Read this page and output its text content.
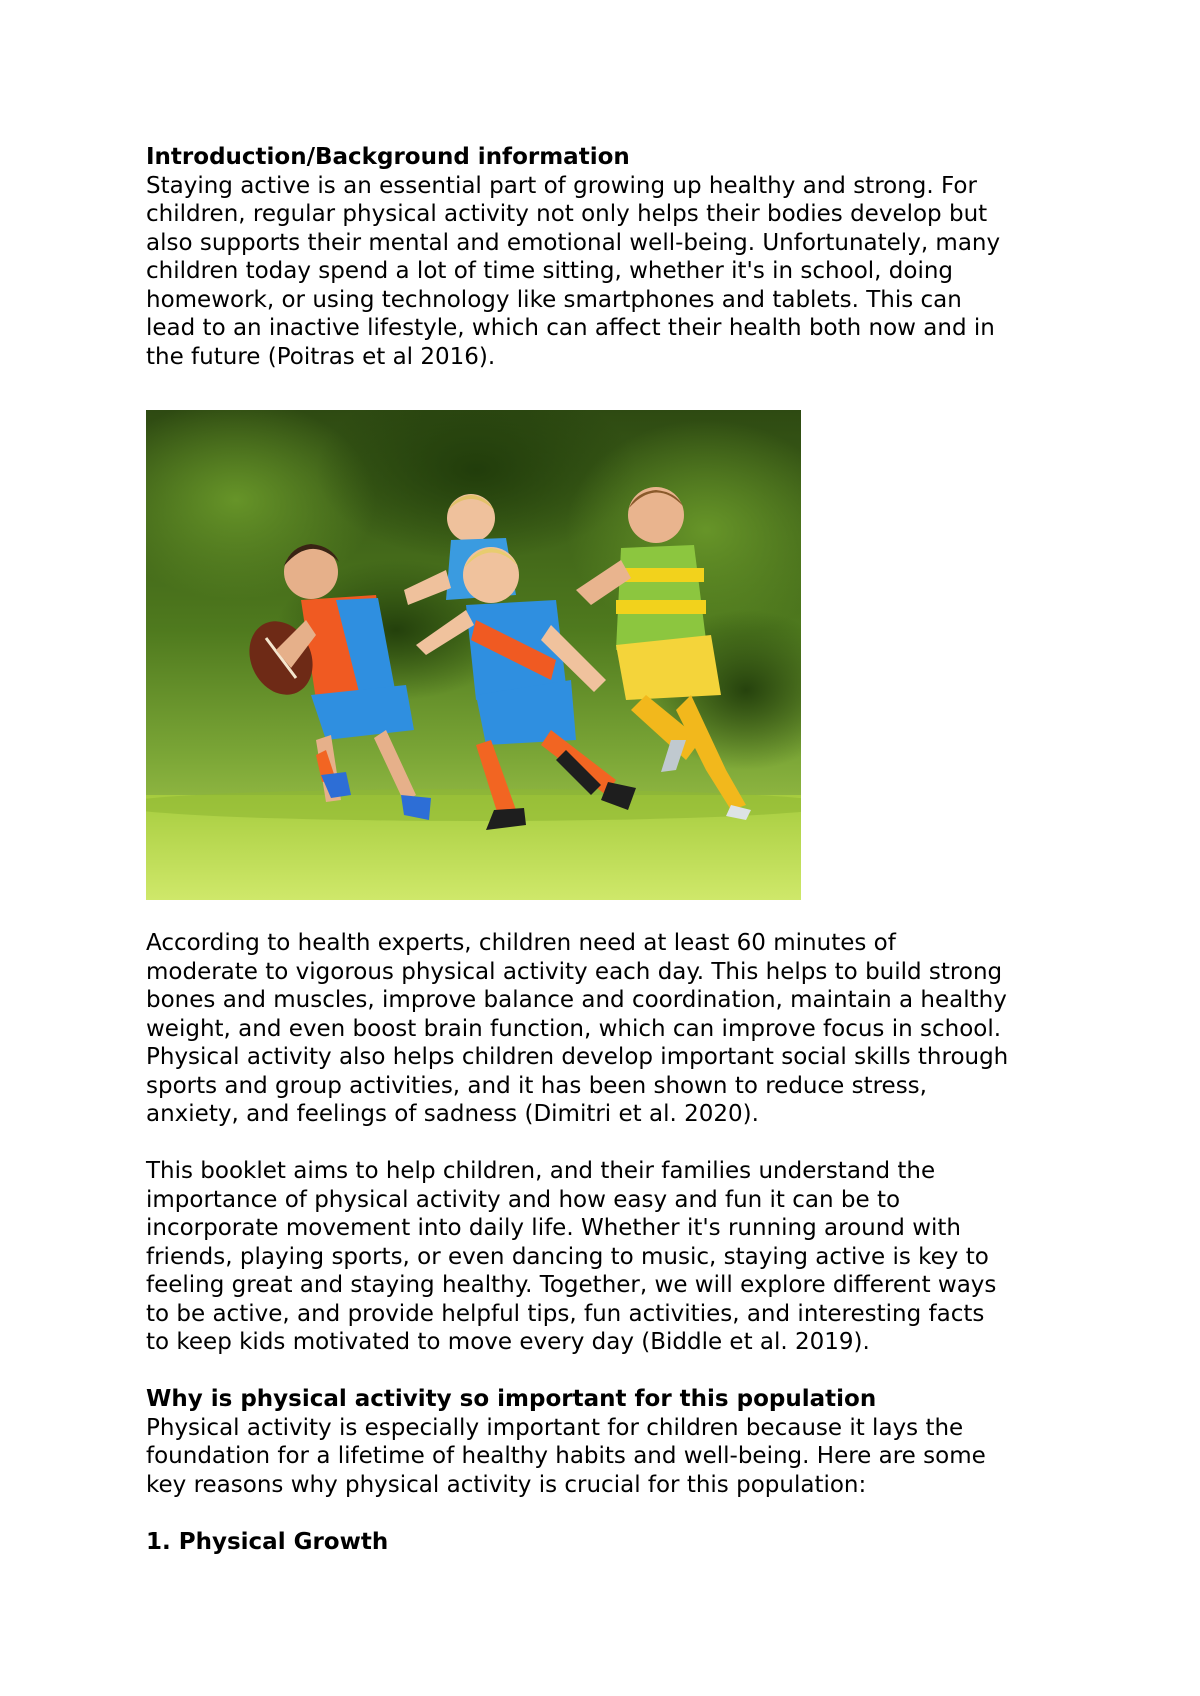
Introduction/Background information
Staying active is an essential part of growing up healthy and strong. For
children, regular physical activity not only helps their bodies develop but
also supports their mental and emotional well-being. Unfortunately, many
children today spend a lot of time sitting, whether it's in school, doing
homework, or using technology like smartphones and tablets. This can
lead to an inactive lifestyle, which can affect their health both now and in
the future (Poitras et al 2016).
According to health experts, children need at least 60 minutes of
moderate to vigorous physical activity each day. This helps to build strong
bones and muscles, improve balance and coordination, maintain a healthy
weight, and even boost brain function, which can improve focus in school.
Physical activity also helps children develop important social skills through
sports and group activities, and it has been shown to reduce stress,
anxiety, and feelings of sadness (Dimitri et al. 2020).
This booklet aims to help children, and their families understand the
importance of physical activity and how easy and fun it can be to
incorporate movement into daily life. Whether it's running around with
friends, playing sports, or even dancing to music, staying active is key to
feeling great and staying healthy. Together, we will explore different ways
to be active, and provide helpful tips, fun activities, and interesting facts
to keep kids motivated to move every day (Biddle et al. 2019).
Why is physical activity so important for this population
Physical activity is especially important for children because it lays the
foundation for a lifetime of healthy habits and well-being. Here are some
key reasons why physical activity is crucial for this population:
1. Physical Growth
